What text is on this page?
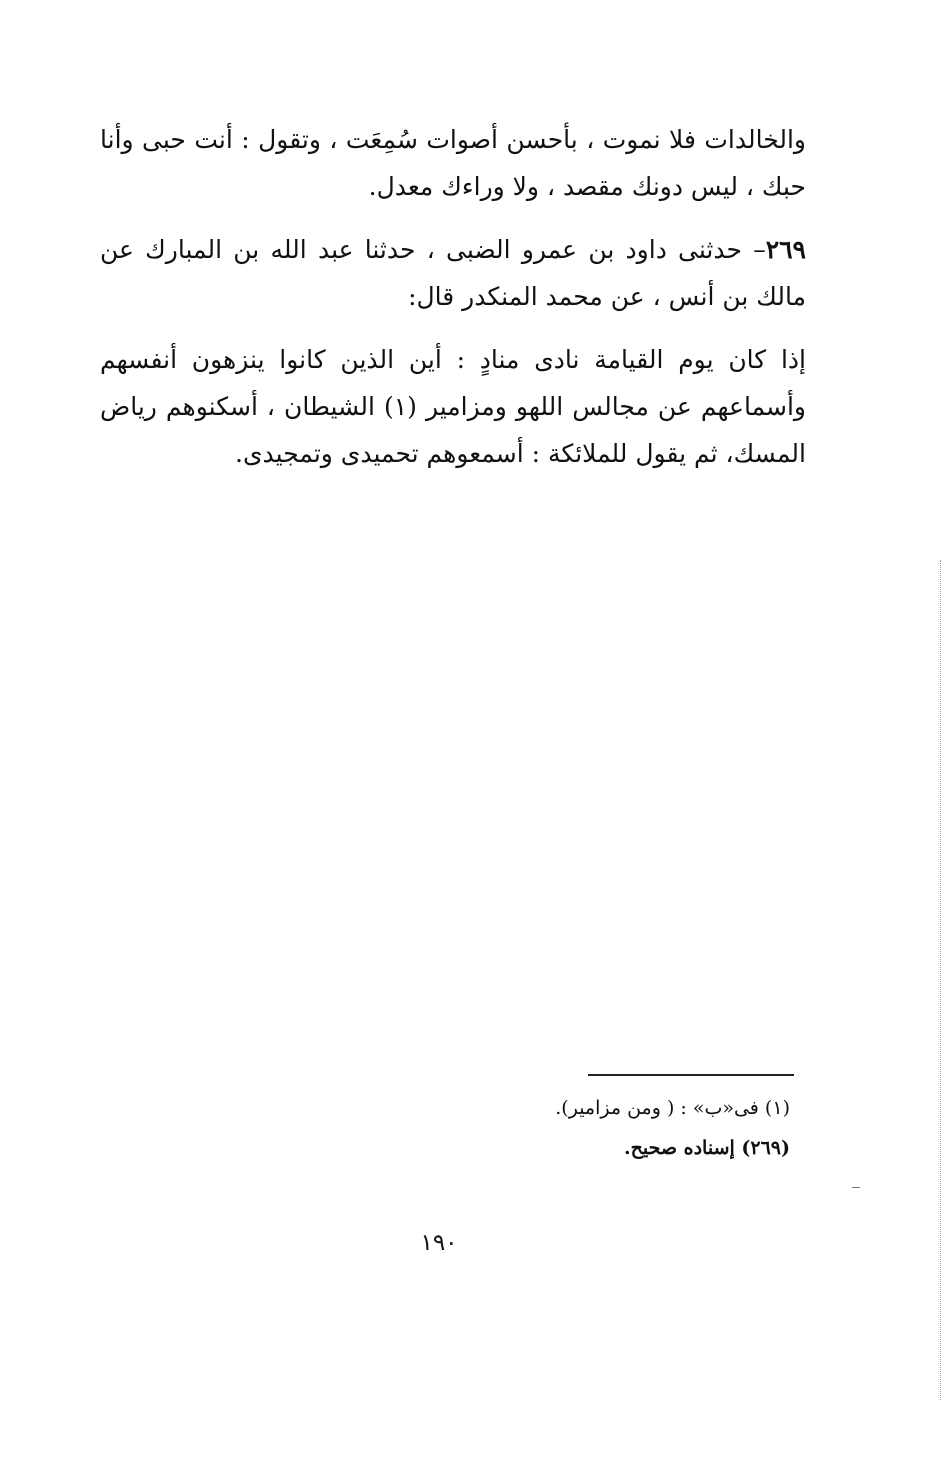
والخالدات فلا نموت ، بأحسن أصوات سُمِعَت ، وتقول : أنت حبى وأنا
حبك ، ليس دونك مقصد ، ولا وراءك معدل.
٢٦٩– حدثنى داود بن عمرو الضبى ، حدثنا عبد الله بن المبارك عن
مالك بن أنس ، عن محمد المنكدر قال:
إذا كان يوم القيامة نادى منادٍ : أين الذين كانوا ينزهون أنفسهم
وأسماعهم عن مجالس اللهو ومزامير (١) الشيطان ، أسكنوهم رياض
المسك، ثم يقول للملائكة : أسمعوهم تحميدى وتمجيدى.
(١) فى«ب» : ( ومن مزامير).
(٢٦٩) إسناده صحيح.
١٩٠
